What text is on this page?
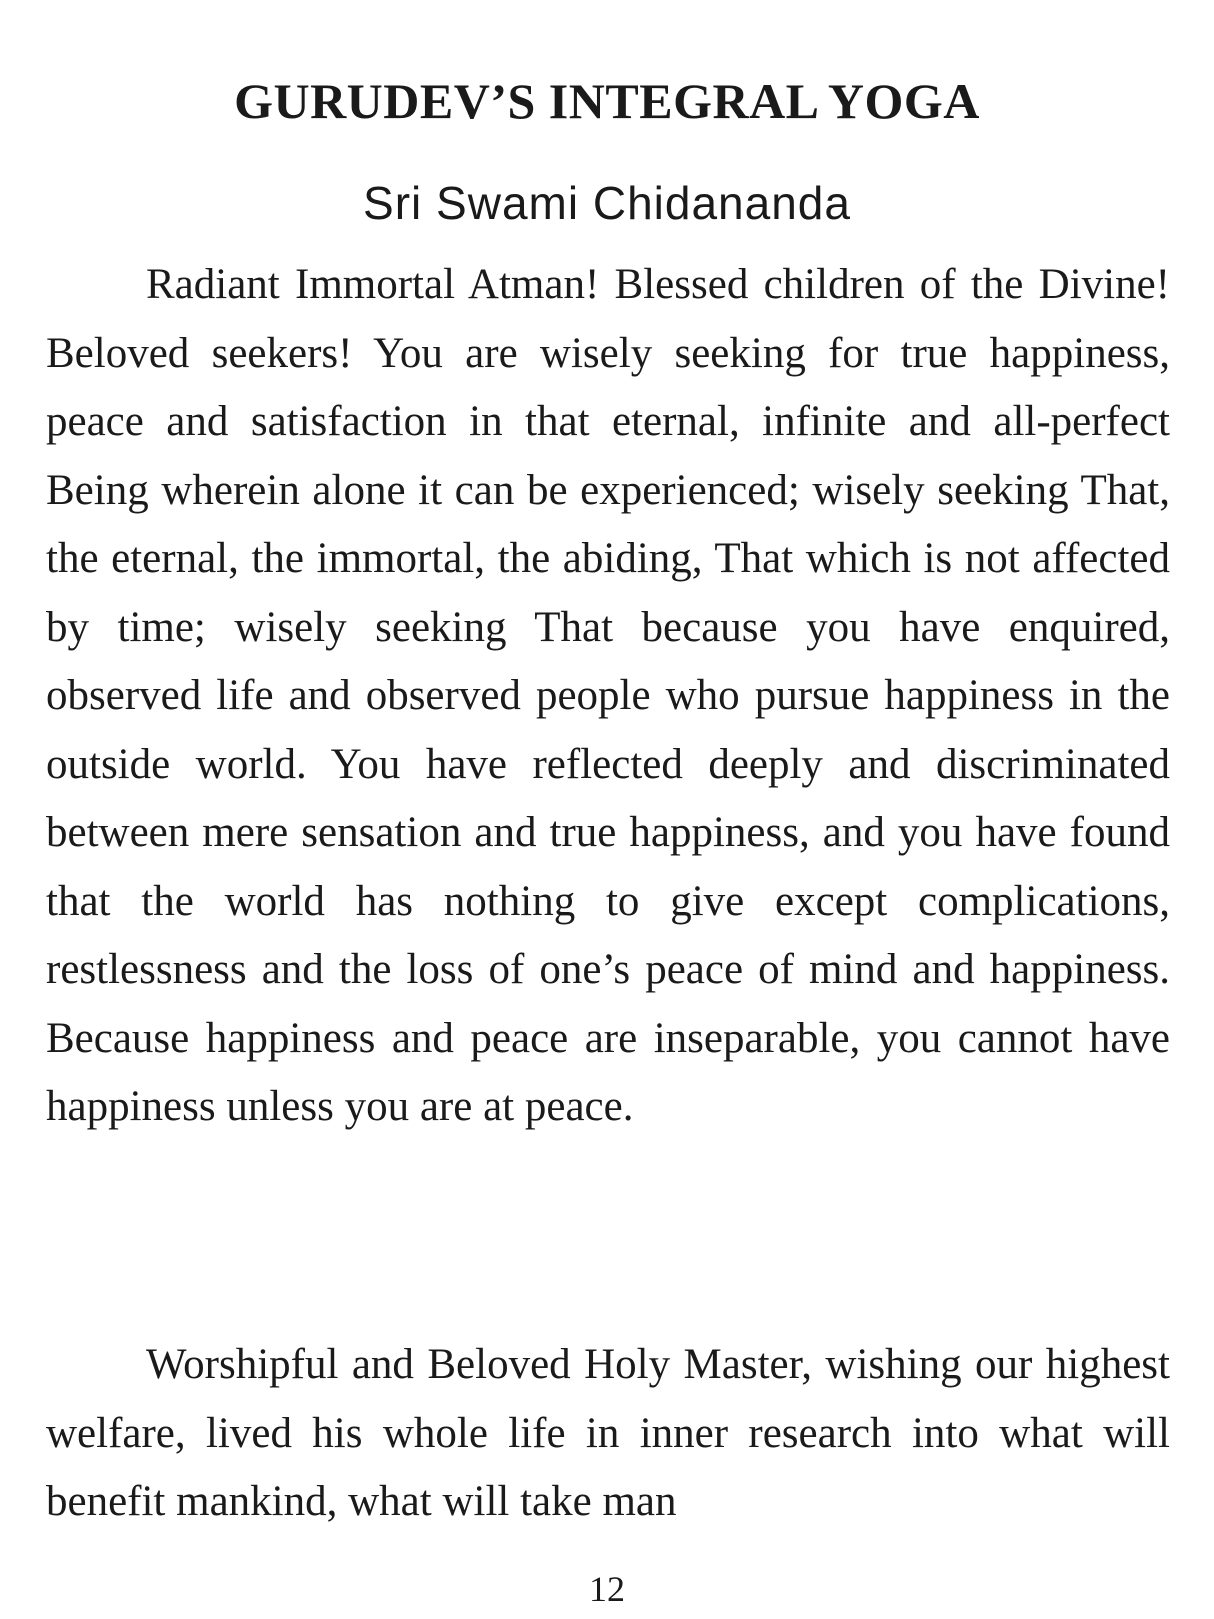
GURUDEV’S INTEGRAL YOGA

Sri Swami Chidananda

Radiant Immortal Atman! Blessed children of the Divine! Beloved seekers! You are wisely seeking for true happiness, peace and satisfaction in that eternal, infinite and all-perfect Being wherein alone it can be experienced; wisely seeking That, the eternal, the immortal, the abiding, That which is not affected by time; wisely seeking That because you have enquired, observed life and observed people who pursue happiness in the outside world. You have reflected deeply and discriminated between mere sensation and true happiness, and you have found that the world has nothing to give except complications, restlessness and the loss of one’s peace of mind and happiness. Because happiness and peace are inseparable, you cannot have happiness unless you are at peace.

Worshipful and Beloved Holy Master, wishing our highest welfare, lived his whole life in inner research into what will benefit mankind, what will take man

12
